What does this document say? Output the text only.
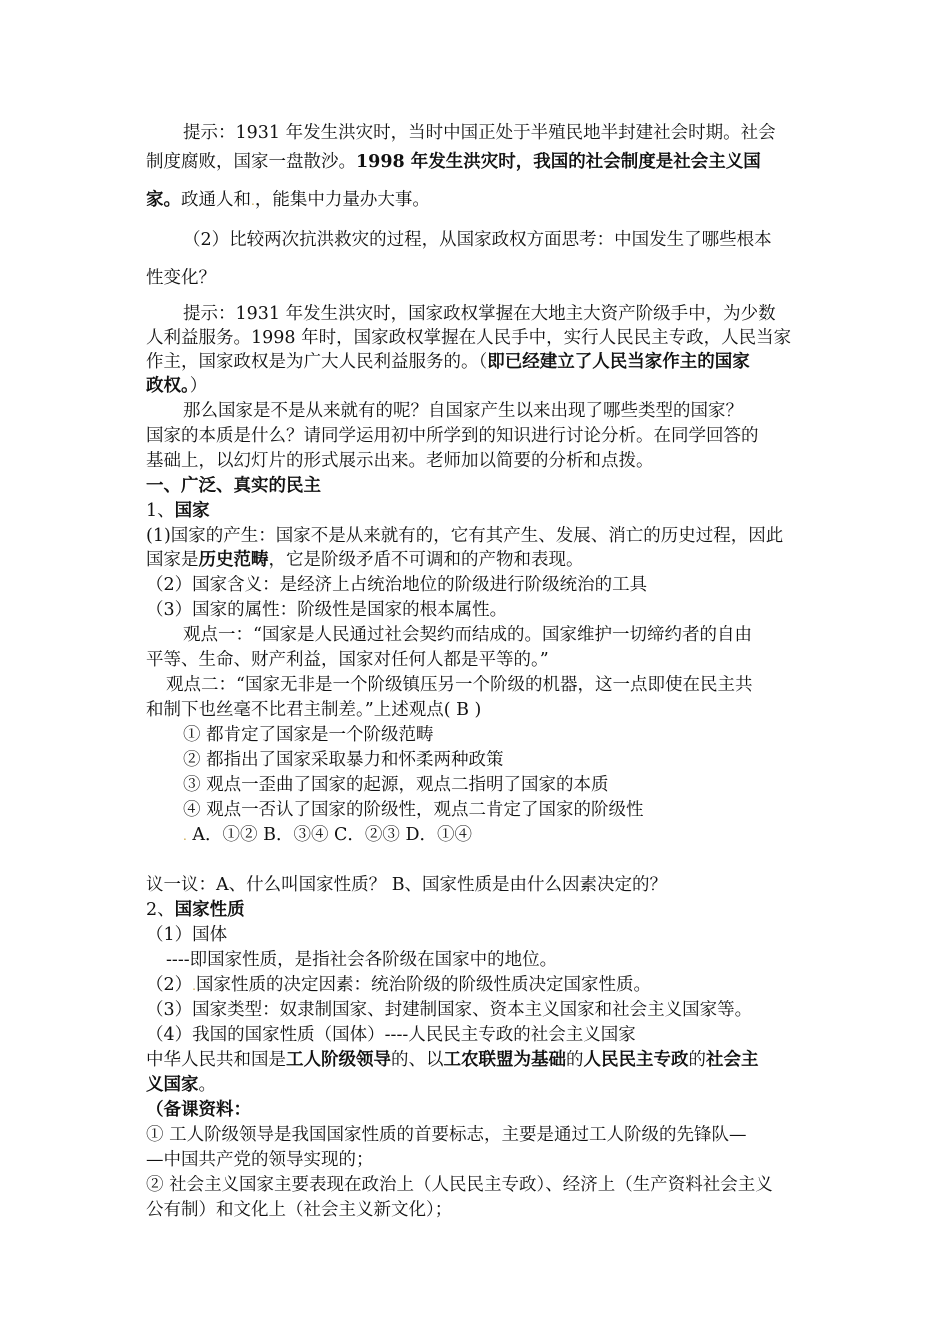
提示：1931 年发生洪灾时，当时中国正处于半殖民地半封建社会时期。社会
制度腐败，国家一盘散沙。1998 年发生洪灾时，我国的社会制度是社会主义国
家。政通人和.，能集中力量办大事。
（2）比较两次抗洪救灾的过程，从国家政权方面思考：中国发生了哪些根本
性变化？
提示：1931 年发生洪灾时，国家政权掌握在大地主大资产阶级手中，为少数
人利益服务。1998 年时，国家政权掌握在人民手中，实行人民民主专政，人民当家
作主，国家政权是为广大人民利益服务的。（即已经建立了人民当家作主的国家
政权。）
那么国家是不是从来就有的呢？自国家产生以来出现了哪些类型的国家？
国家的本质是什么？请同学运用初中所学到的知识进行讨论分析。在同学回答的
基础上，以幻灯片的形式展示出来。老师加以简要的分析和点拨。
一、广泛、真实的民主
1、国家
(1)国家的产生：国家不是从来就有的，它有其产生、发展、消亡的历史过程，因此
国家是历史范畴，它是阶级矛盾不可调和的产物和表现。
（2）国家含义：是经济上占统治地位的阶级进行阶级统治的工具
（3）国家的属性：阶级性是国家的根本属性。
观点一：“国家是人民通过社会契约而结成的。国家维护一切缔约者的自由
平等、生命、财产利益，国家对任何人都是平等的。”
观点二：“国家无非是一个阶级镇压另一个阶级的机器，这一点即使在民主共
和制下也丝毫不比君主制差。”上述观点( B )
① 都肯定了国家是一个阶级范畴
② 都指出了国家采取暴力和怀柔两种政策
③ 观点一歪曲了国家的起源，观点二指明了国家的本质
④ 观点一否认了国家的阶级性，观点二肯定了国家的阶级性
. A．①② B．③④ C．②③ D．①④
议一议：A、什么叫国家性质？ B、国家性质是由什么因素决定的？
2、国家性质
（1）国体
----即国家性质，是指社会各阶级在国家中的地位。
（2）.国家性质的决定因素：统治阶级的阶级性质决定国家性质。
（3）国家类型：奴隶制国家、封建制国家、资本主义国家和社会主义国家等。
（4）我国的国家性质（国体）----人民民主专政的社会主义国家
中华人民共和国是工人阶级领导的、以工农联盟为基础的人民民主专政的社会主
义国家。
（备课资料：
① 工人阶级领导是我国国家性质的首要标志，主要是通过工人阶级的先锋队—
—中国共产党的领导实现的；
② 社会主义国家主要表现在政治上（人民民主专政）、经济上（生产资料社会主义
公有制）和文化上（社会主义新文化）；
